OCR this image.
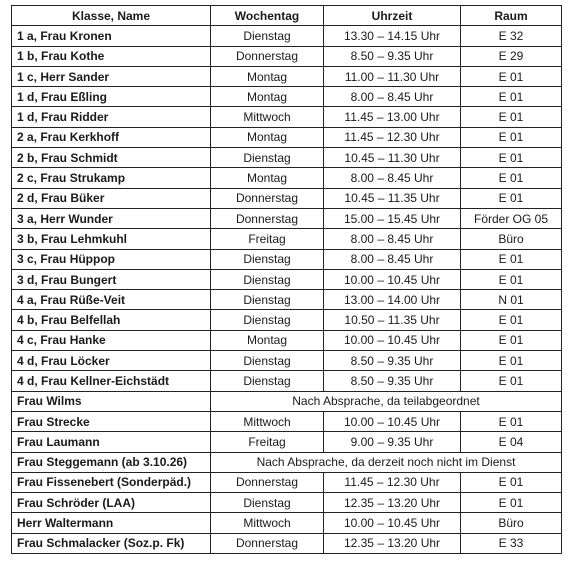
Klasse, Name	Wochentag	Uhrzeit	Raum
1 a, Frau Kronen	Dienstag	13.30 – 14.15 Uhr	E 32
1 b, Frau Kothe	Donnerstag	8.50 – 9.35 Uhr	E 29
1 c, Herr Sander	Montag	11.00 – 11.30 Uhr	E 01
1 d, Frau Eßling	Montag	8.00 – 8.45 Uhr	E 01
1 d, Frau Ridder	Mittwoch	11.45 – 13.00 Uhr	E 01
2 a, Frau Kerkhoff	Montag	11.45 – 12.30 Uhr	E 01
2 b, Frau Schmidt	Dienstag	10.45 – 11.30 Uhr	E 01
2 c, Frau Strukamp	Montag	8.00 – 8.45 Uhr	E 01
2 d, Frau Büker	Donnerstag	10.45 – 11.35 Uhr	E 01
3 a, Herr Wunder	Donnerstag	15.00 – 15.45 Uhr	Förder OG 05
3 b, Frau Lehmkuhl	Freitag	8.00 – 8.45 Uhr	Büro
3 c, Frau Hüppop	Dienstag	8.00 – 8.45 Uhr	E 01
3 d, Frau Bungert	Dienstag	10.00 – 10.45 Uhr	E 01
4 a, Frau Rüße-Veit	Dienstag	13.00 – 14.00 Uhr	N 01
4 b, Frau Belfellah	Dienstag	10.50 – 11.35 Uhr	E 01
4 c, Frau Hanke	Montag	10.00 – 10.45 Uhr	E 01
4 d, Frau Löcker	Dienstag	8.50 – 9.35 Uhr	E 01
4 d, Frau Kellner-Eichstädt	Dienstag	8.50 – 9.35 Uhr	E 01
Frau Wilms	Nach Absprache, da teilabgeordnet		
Frau Strecke	Mittwoch	10.00 – 10.45 Uhr	E 01
Frau Laumann	Freitag	9.00 – 9.35 Uhr	E 04
Frau Steggemann (ab 3.10.26)	Nach Absprache, da derzeit noch nicht im Dienst		
Frau Fissenebert (Sonderpäd.)	Donnerstag	11.45 – 12.30 Uhr	E 01
Frau Schröder (LAA)	Dienstag	12.35 – 13.20 Uhr	E 01
Herr Waltermann	Mittwoch	10.00 – 10.45 Uhr	Büro
Frau Schmalacker (Soz.p. Fk)	Donnerstag	12.35 – 13.20 Uhr	E 33
